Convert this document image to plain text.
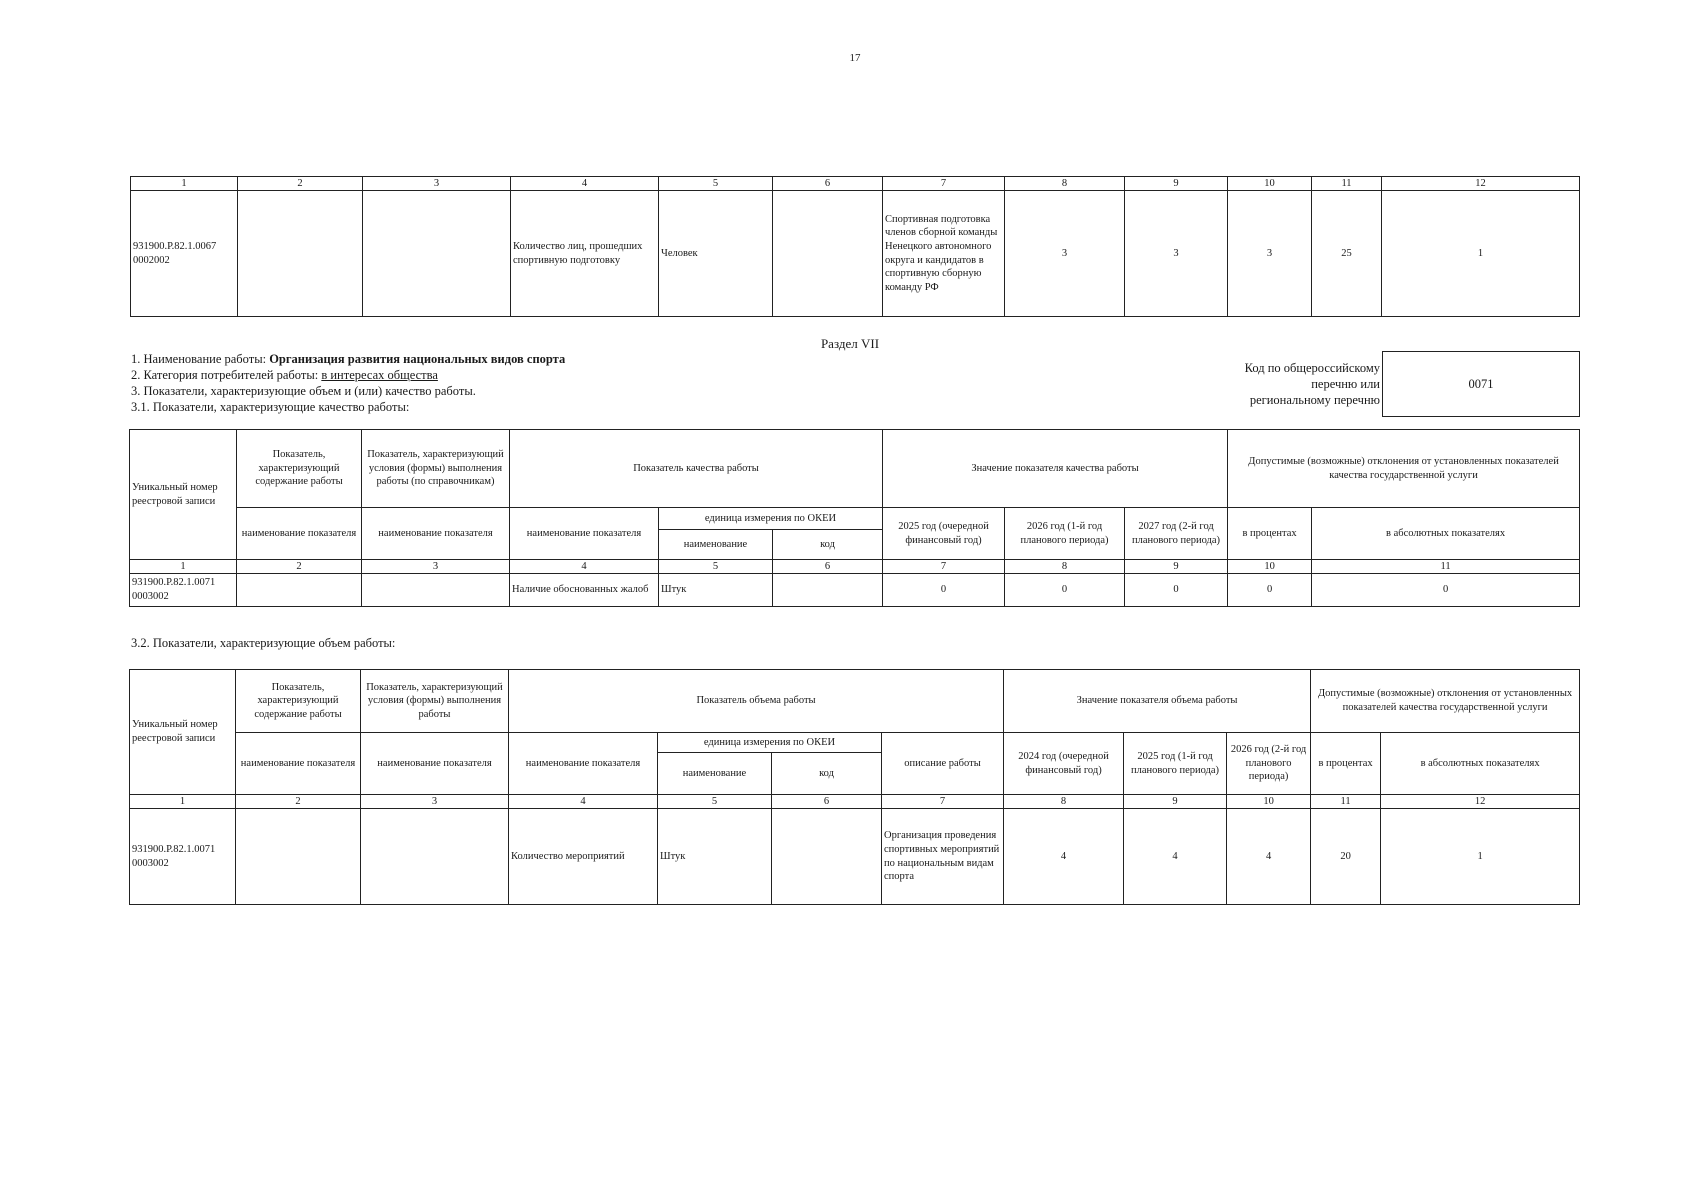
17
1	2	3	4	5	6	7	8	9	10	11	12
931900.Р.82.1.0067 0002002			Количество лиц, прошедших спортивную подготовку	Человек		Спортивная подготовка членов сборной команды Ненецкого автономного округа и кандидатов в спортивную сборную команду РФ	3	3	3	25	1
Раздел VII
1. Наименование работы: Организация развития национальных видов спорта
2. Категория потребителей работы: в интересах общества
3. Показатели, характеризующие объем и (или) качество работы.
3.1. Показатели, характеризующие качество работы:
Код по общероссийскому
перечню или
региональному перечню
0071
Уникальный номер реестровой записи	Показатель, характеризующий содержание работы	Показатель, характеризующий условия (формы) выполнения работы (по справочникам)	Показатель качества работы			Значение показателя качества работы			Допустимые (возможные) отклонения от установленных показателей качества государственной услуги	
	наименование показателя	наименование показателя	наименование показателя	единица измерения по ОКЕИ		2025 год (очередной финансовый год)	2026 год (1-й год планового периода)	2027 год (2-й год планового периода)	в процентах	в абсолютных показателях
				наименование	код					
1	2	3	4	5	6	7	8	9	10	11
931900.Р.82.1.0071 0003002			Наличие обоснованных жалоб	Штук		0	0	0	0	0
3.2. Показатели, характеризующие объем работы:
Уникальный номер реестровой записи	Показатель, характеризующий содержание работы	Показатель, характеризующий условия (формы) выполнения работы	Показатель объема работы				Значение показателя объема работы			Допустимые (возможные) отклонения от установленных показателей качества государственной услуги	
	наименование показателя	наименование показателя	наименование показателя	единица измерения по ОКЕИ		описание работы	2024 год (очередной финансовый год)	2025 год (1-й год планового периода)	2026 год (2-й год планового периода)	в процентах	в абсолютных показателях
				наименование	код						
1	2	3	4	5	6	7	8	9	10	11	12
931900.Р.82.1.0071 0003002			Количество мероприятий	Штук		Организация проведения спортивных мероприятий по национальным видам спорта	4	4	4	20	1
